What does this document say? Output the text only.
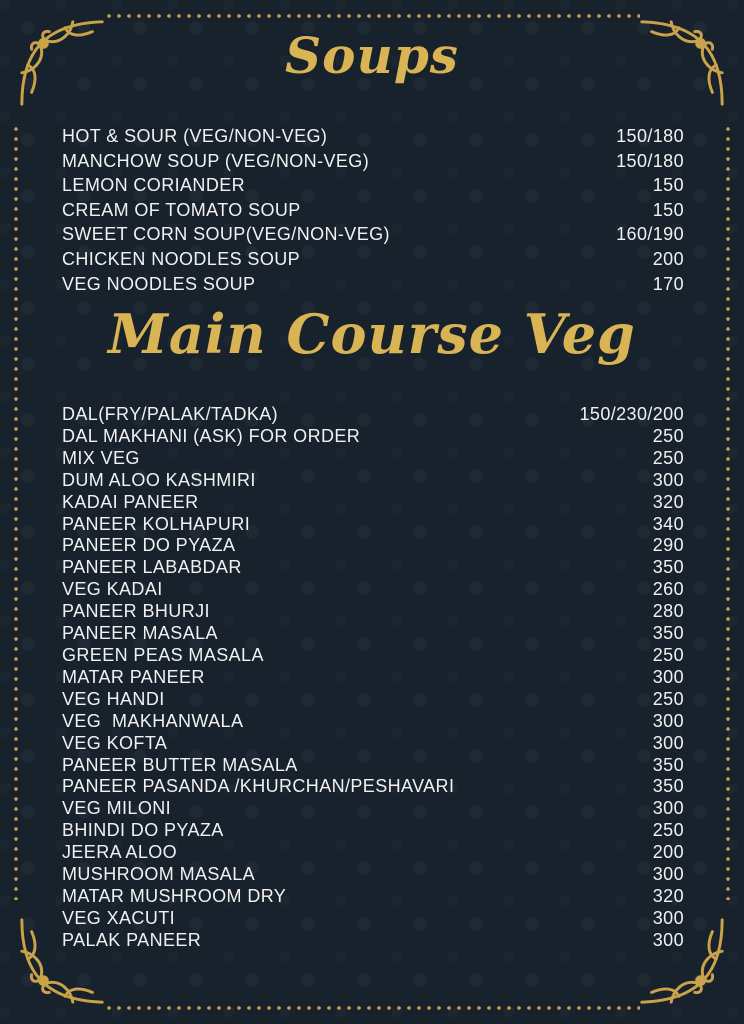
Soups
HOT & SOUR (VEG/NON-VEG)	150/180
MANCHOW SOUP (VEG/NON-VEG)	150/180
LEMON CORIANDER	150
CREAM OF TOMATO SOUP	150
SWEET CORN SOUP(VEG/NON-VEG)	160/190
CHICKEN NOODLES SOUP	200
VEG NOODLES SOUP	170
Main Course Veg
DAL(FRY/PALAK/TADKA)	150/230/200
DAL MAKHANI (ASK) FOR ORDER	250
MIX VEG	250
DUM ALOO KASHMIRI	300
KADAI PANEER	320
PANEER KOLHAPURI	340
PANEER DO PYAZA	290
PANEER LABABDAR	350
VEG KADAI	260
PANEER BHURJI	280
PANEER MASALA	350
GREEN PEAS MASALA	250
MATAR PANEER	300
VEG HANDI	250
VEG  MAKHANWALA	300
VEG KOFTA	300
PANEER BUTTER MASALA	350
PANEER PASANDA /KHURCHAN/PESHAVARI	350
VEG MILONI	300
BHINDI DO PYAZA	250
JEERA ALOO	200
MUSHROOM MASALA	300
MATAR MUSHROOM DRY	320
VEG XACUTI	300
PALAK PANEER	300
